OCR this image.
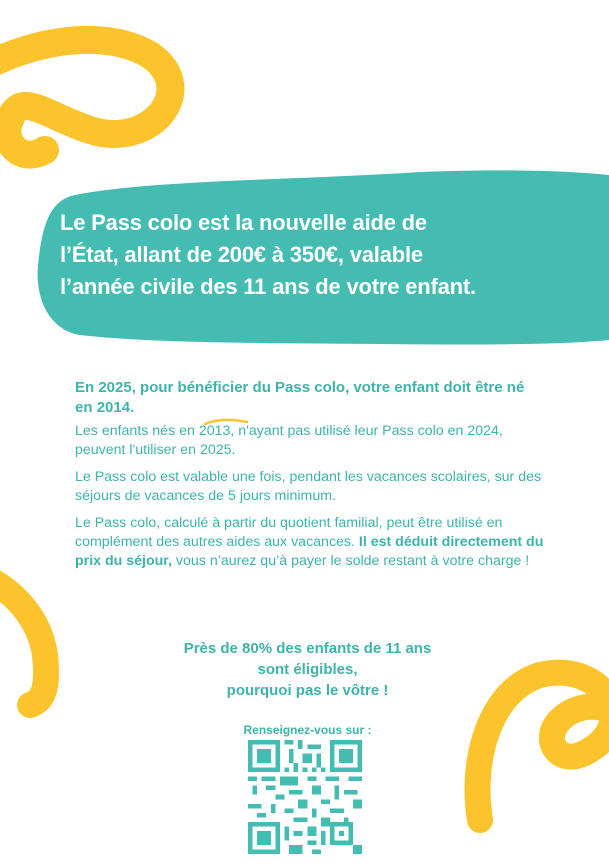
Le Pass colo est la nouvelle aide de
l’État, allant de 200€ à 350€, valable
l’année civile des 11 ans de votre enfant.

En 2025, pour bénéficier du Pass colo, votre enfant doit être né en 2014.

Les enfants nés en 2013, n'ayant pas utilisé leur Pass colo en 2024, peuvent l'utiliser en 2025.

Le Pass colo est valable une fois, pendant les vacances scolaires, sur des séjours de vacances de 5 jours minimum.

Le Pass colo, calculé à partir du quotient familial, peut être utilisé en complément des autres aides aux vacances. Il est déduit directement du prix du séjour, vous n’aurez qu’à payer le solde restant à votre charge !

Près de 80% des enfants de 11 ans
sont éligibles,
pourquoi pas le vôtre !
Renseignez-vous sur :
